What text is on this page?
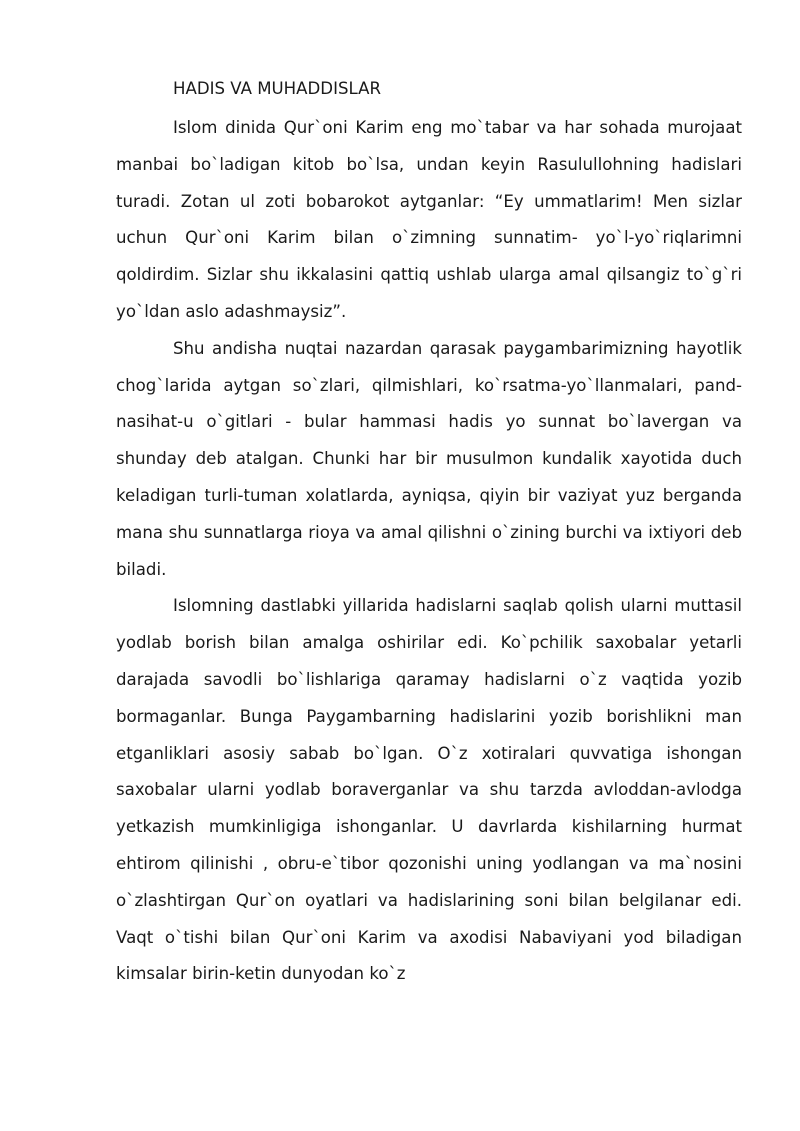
HADIS VA MUHADDISLAR

Islom dinida Qur`oni Karim eng mo`tabar va har sohada murojaat manbai bo`ladigan kitob bo`lsa, undan keyin Rasulullohning hadislari turadi. Zotan ul zoti bobarokot aytganlar: “Ey ummatlarim! Men sizlar uchun Qur`oni Karim bilan o`zimning sunnatim- yo`l-yo`riqlarimni qoldirdim. Sizlar shu ikkalasini qattiq ushlab ularga amal qilsangiz to`g`ri yo`ldan aslo adashmaysiz”.

Shu andisha nuqtai nazardan qarasak paygambarimizning hayotlik chog`larida aytgan so`zlari, qilmishlari, ko`rsatma-yo`llanmalari, pand-nasihat-u o`gitlari - bular hammasi hadis yo sunnat bo`lavergan va shunday deb atalgan. Chunki har bir musulmon kundalik xayotida duch keladigan turli-tuman xolatlarda, ayniqsa, qiyin bir vaziyat yuz berganda mana shu sunnatlarga rioya va amal qilishni o`zining burchi va ixtiyori deb biladi.

Islomning dastlabki yillarida hadislarni saqlab qolish ularni muttasil yodlab borish bilan amalga oshirilar edi. Ko`pchilik saxobalar yetarli darajada savodli bo`lishlariga qaramay hadislarni o`z vaqtida yozib bormaganlar. Bunga Paygambarning hadislarini yozib borishlikni man etganliklari asosiy sabab bo`lgan. O`z xotiralari quvvatiga ishongan saxobalar ularni yodlab boraverganlar va shu tarzda avloddan-avlodga yetkazish mumkinligiga ishonganlar. U davrlarda kishilarning hurmat ehtirom qilinishi , obru-e`tibor qozonishi uning yodlangan va ma`nosini o`zlashtirgan Qur`on oyatlari va hadislarining soni bilan belgilanar edi. Vaqt o`tishi bilan Qur`oni Karim va axodisi Nabaviyani yod biladigan kimsalar birin-ketin dunyodan ko`z
